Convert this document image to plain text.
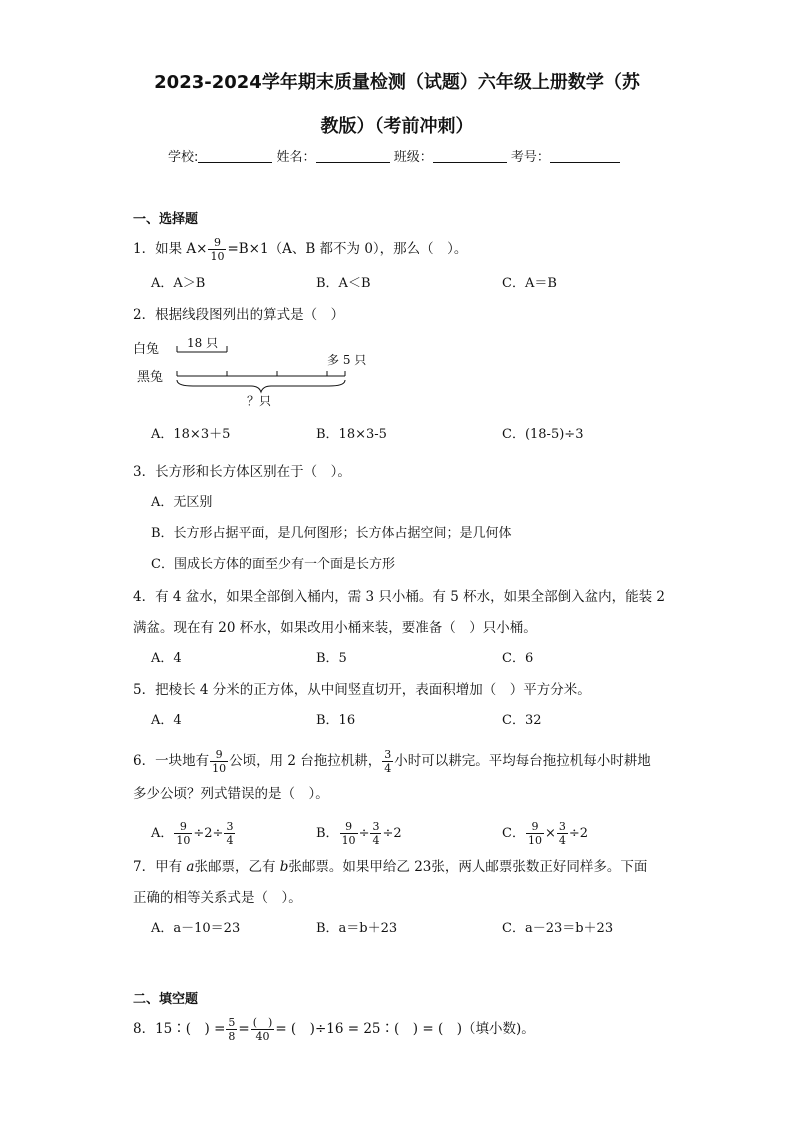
2023-2024学年期末质量检测（试题）六年级上册数学（苏
教版）（考前冲刺）
学校:	姓名：	班级：	考号：
一、选择题
1．如果 $A\times \frac{9}{10} =B\times 1(A$、B 都不为 0），那么（　）。
A．A＞B	B．A＜B	C．A＝B
2．根据线段图列出的算式是（　）
白兔
黑兔
18 只
多 5 只
？只
A．18×3＋5	B．18×3-5	C．(18-5)÷3
3．长方形和长方体区别在于（　）。
A．无区别
B．长方形占据平面，是几何图形；长方体占据空间；是几何体
C．围成长方体的面至少有一个面是长方形
4．有 4 盆水，如果全部倒入桶内，需 3 只小桶。有 5 杯水，如果全部倒入盆内，能装 2
满盆。现在有 20 杯水，如果改用小桶来装，要准备（　）只小桶。
A．4	B．5	C．6
5．把棱长 4 分米的正方体，从中间竖直切开，表面积增加（　）平方分米。
A．4	B．16	C．32
6．一块地有 $\frac{9}{10}$ 公顷，用 2 台拖拉机耕， $\frac{3}{4}$ 小时可以耕完。平均每台拖拉机每小时耕地
多少公顷？列式错误的是（　）。
A． $\frac{9}{10} \div 2\div \frac{3}{4}$	B． $\frac{9}{10} \div \frac{3}{4} \div 2$	C． $\frac{9}{10} \times \frac{3}{4} \div 2$
7．甲有 a张邮票，乙有 b张邮票。如果甲给乙 23张，两人邮票张数正好同样多。下面
正确的相等关系式是（　）。
A．a－10＝23	B．a＝b＋23	C．a－23＝b＋23
二、填空题
8．15∶(　) = $\frac{5}{8}$ = (　)
40 = (　)÷16 = 25∶(　) = (　)（填小数)。
